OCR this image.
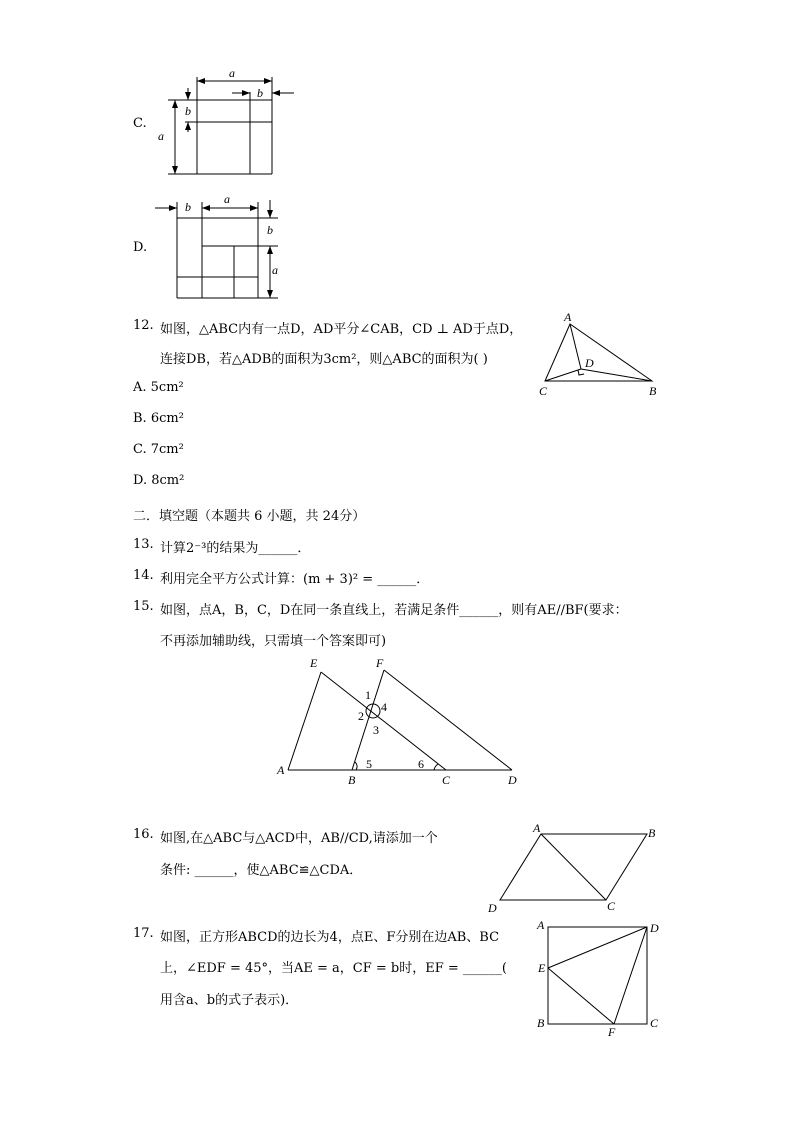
C.
a
b
b
a
D.
b
a
b
a
12. 如图，△ABC内有一点D，AD平分∠CAB，CD ⊥ AD于点D，
连接DB，若△ADB的面积为3cm²，则△ABC的面积为( )
A. 5cm²
B. 6cm²
C. 7cm²
D. 8cm²
A
D
C	B
二．填空题（本题共 6 小题，共 24分）
13. 计算2⁻³的结果为______．
14. 利用完全平方公式计算：(m + 3)² = ______．
15. 如图，点A，B，C，D在同一条直线上，若满足条件______，则有AE//BF(要求：
不再添加辅助线，只需填一个答案即可)
E	F
1
2
4
3
5	6
A
B	C	D
16. 如图,在△ABC与△ACD中，AB//CD,请添加一个
条件: ______，使△ABC≌△CDA．
A	B
D	C
17. 如图，正方形ABCD的边长为4，点E、F分别在边AB、BC
上，∠EDF = 45°，当AE = a，CF = b时，EF = ______(
用含a、b的式子表示)．
A	D
E
B
F
C
